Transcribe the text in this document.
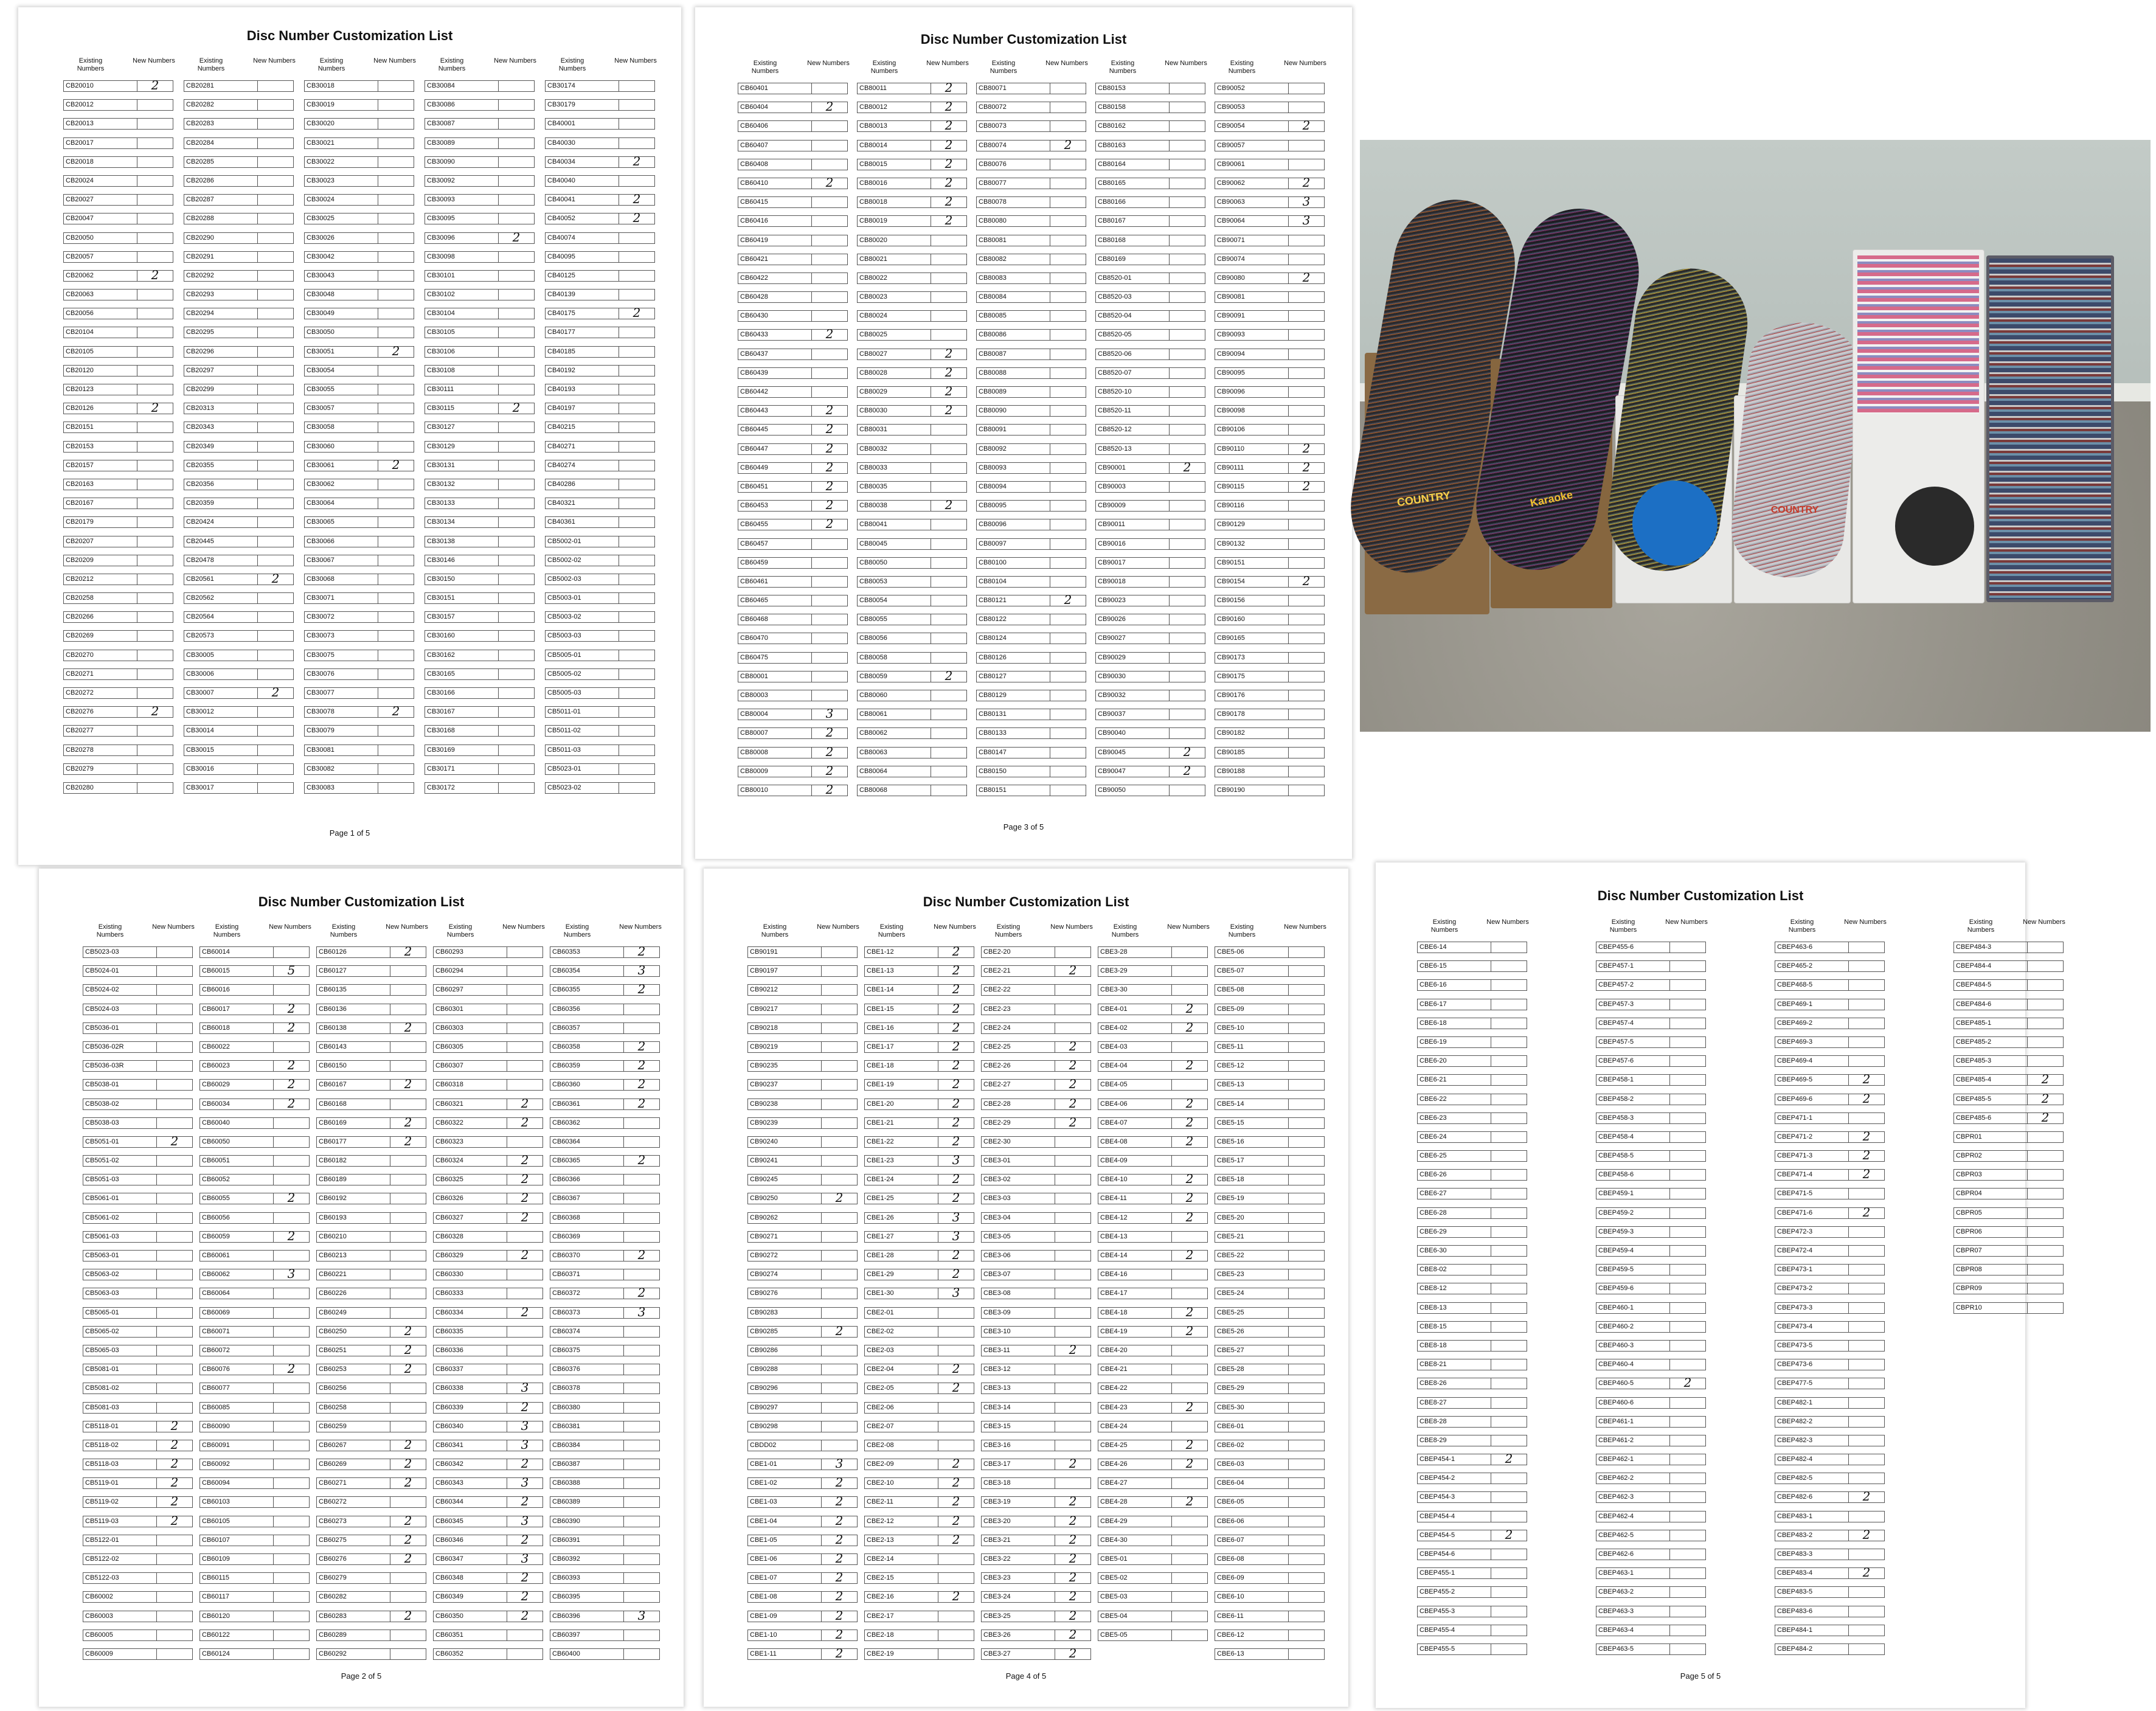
Disc Number Customization List
Existing Numbers
New Numbers
CB20010	2
CB20012
CB20013
CB20017
CB20018
CB20024
CB20027
CB20047
CB20050
CB20057
CB20062	2
CB20063
CB20056
CB20104
CB20105
CB20120
CB20123
CB20126	2
CB20151
CB20153
CB20157
CB20163
CB20167
CB20179
CB20207
CB20209
CB20212
CB20258
CB20266
CB20269
CB20270
CB20271
CB20272
CB20276	2
CB20277
CB20278
CB20279
CB20280
Existing Numbers
New Numbers
CB20281
CB20282
CB20283
CB20284
CB20285
CB20286
CB20287
CB20288
CB20290
CB20291
CB20292
CB20293
CB20294
CB20295
CB20296
CB20297
CB20299
CB20313
CB20343
CB20349
CB20355
CB20356
CB20359
CB20424
CB20445
CB20478
CB20561	2
CB20562
CB20564
CB20573
CB30005
CB30006
CB30007	2
CB30012
CB30014
CB30015
CB30016
CB30017
Existing Numbers
New Numbers
CB30018
CB30019
CB30020
CB30021
CB30022
CB30023
CB30024
CB30025
CB30026
CB30042
CB30043
CB30048
CB30049
CB30050
CB30051	2
CB30054
CB30055
CB30057
CB30058
CB30060
CB30061	2
CB30062
CB30064
CB30065
CB30066
CB30067
CB30068
CB30071
CB30072
CB30073
CB30075
CB30076
CB30077
CB30078	2
CB30079
CB30081
CB30082
CB30083
Existing Numbers
New Numbers
CB30084
CB30086
CB30087
CB30089
CB30090
CB30092
CB30093
CB30095
CB30096	2
CB30098
CB30101
CB30102
CB30104
CB30105
CB30106
CB30108
CB30111
CB30115	2
CB30127
CB30129
CB30131
CB30132
CB30133
CB30134
CB30138
CB30146
CB30150
CB30151
CB30157
CB30160
CB30162
CB30165
CB30166
CB30167
CB30168
CB30169
CB30171
CB30172
Existing Numbers
New Numbers
CB30174
CB30179
CB40001
CB40030
CB40034	2
CB40040
CB40041	2
CB40052	2
CB40074
CB40095
CB40125
CB40139
CB40175	2
CB40177
CB40185
CB40192
CB40193
CB40197
CB40215
CB40271
CB40274
CB40286
CB40321
CB40361
CB5002-01
CB5002-02
CB5002-03
CB5003-01
CB5003-02
CB5003-03
CB5005-01
CB5005-02
CB5005-03
CB5011-01
CB5011-02
CB5011-03
CB5023-01
CB5023-02
Page 1 of 5
Disc Number Customization List
Existing Numbers
New Numbers
CB60401
CB60404	2
CB60406
CB60407
CB60408
CB60410	2
CB60415
CB60416
CB60419
CB60421
CB60422
CB60428
CB60430
CB60433	2
CB60437
CB60439
CB60442
CB60443	2
CB60445	2
CB60447	2
CB60449	2
CB60451	2
CB60453	2
CB60455	2
CB60457
CB60459
CB60461
CB60465
CB60468
CB60470
CB60475
CB80001
CB80003
CB80004	3
CB80007	2
CB80008	2
CB80009	2
CB80010	2
Existing Numbers
New Numbers
CB80011	2
CB80012	2
CB80013	2
CB80014	2
CB80015	2
CB80016	2
CB80018	2
CB80019	2
CB80020
CB80021
CB80022
CB80023
CB80024
CB80025
CB80027	2
CB80028	2
CB80029	2
CB80030	2
CB80031
CB80032
CB80033
CB80035
CB80038	2
CB80041
CB80045
CB80050
CB80053
CB80054
CB80055
CB80056
CB80058
CB80059	2
CB80060
CB80061
CB80062
CB80063
CB80064
CB80068
Existing Numbers
New Numbers
CB80071
CB80072
CB80073
CB80074	2
CB80076
CB80077
CB80078
CB80080
CB80081
CB80082
CB80083
CB80084
CB80085
CB80086
CB80087
CB80088
CB80089
CB80090
CB80091
CB80092
CB80093
CB80094
CB80095
CB80096
CB80097
CB80100
CB80104
CB80121	2
CB80122
CB80124
CB80126
CB80127
CB80129
CB80131
CB80133
CB80147
CB80150
CB80151
Existing Numbers
New Numbers
CB80153
CB80158
CB80162
CB80163
CB80164
CB80165
CB80166
CB80167
CB80168
CB80169
CB8520-01
CB8520-03
CB8520-04
CB8520-05
CB8520-06
CB8520-07
CB8520-10
CB8520-11
CB8520-12
CB8520-13
CB90001	2
CB90003
CB90009
CB90011
CB90016
CB90017
CB90018
CB90023
CB90026
CB90027
CB90029
CB90030
CB90032
CB90037
CB90040
CB90045	2
CB90047	2
CB90050
Existing Numbers
New Numbers
CB90052
CB90053
CB90054	2
CB90057
CB90061
CB90062	2
CB90063	3
CB90064	3
CB90071
CB90074
CB90080	2
CB90081
CB90091
CB90093
CB90094
CB90095
CB90096
CB90098
CB90106
CB90110	2
CB90111	2
CB90115	2
CB90116
CB90129
CB90132
CB90151
CB90154	2
CB90156
CB90160
CB90165
CB90173
CB90175
CB90176
CB90178
CB90182
CB90185
CB90188
CB90190
Page 3 of 5
Disc Number Customization List
Existing Numbers
New Numbers
CB5023-03
CB5024-01
CB5024-02
CB5024-03
CB5036-01
CB5036-02R
CB5036-03R
CB5038-01
CB5038-02
CB5038-03
CB5051-01	2
CB5051-02
CB5051-03
CB5061-01
CB5061-02
CB5061-03
CB5063-01
CB5063-02
CB5063-03
CB5065-01
CB5065-02
CB5065-03
CB5081-01
CB5081-02
CB5081-03
CB5118-01	2
CB5118-02	2
CB5118-03	2
CB5119-01	2
CB5119-02	2
CB5119-03	2
CB5122-01
CB5122-02
CB5122-03
CB60002
CB60003
CB60005
CB60009
Existing Numbers
New Numbers
CB60014
CB60015	5
CB60016
CB60017	2
CB60018	2
CB60022
CB60023	2
CB60029	2
CB60034	2
CB60040
CB60050
CB60051
CB60052
CB60055	2
CB60056
CB60059	2
CB60061
CB60062	3
CB60064
CB60069
CB60071
CB60072
CB60076	2
CB60077
CB60085
CB60090
CB60091
CB60092
CB60094
CB60103
CB60105
CB60107
CB60109
CB60115
CB60117
CB60120
CB60122
CB60124
Existing Numbers
New Numbers
CB60126	2
CB60127
CB60135
CB60136
CB60138	2
CB60143
CB60150
CB60167	2
CB60168
CB60169	2
CB60177	2
CB60182
CB60189
CB60192
CB60193
CB60210
CB60213
CB60221
CB60226
CB60249
CB60250	2
CB60251	2
CB60253	2
CB60256
CB60258
CB60259
CB60267	2
CB60269	2
CB60271	2
CB60272
CB60273	2
CB60275	2
CB60276	2
CB60279
CB60282
CB60283	2
CB60289
CB60292
Existing Numbers
New Numbers
CB60293
CB60294
CB60297
CB60301
CB60303
CB60305
CB60307
CB60318
CB60321	2
CB60322	2
CB60323
CB60324	2
CB60325	2
CB60326	2
CB60327	2
CB60328
CB60329	2
CB60330
CB60333
CB60334	2
CB60335
CB60336
CB60337
CB60338	3
CB60339	2
CB60340	3
CB60341	3
CB60342	2
CB60343	3
CB60344	2
CB60345	3
CB60346	2
CB60347	3
CB60348	2
CB60349	2
CB60350	2
CB60351
CB60352
Existing Numbers
New Numbers
CB60353	2
CB60354	3
CB60355	2
CB60356
CB60357
CB60358	2
CB60359	2
CB60360	2
CB60361	2
CB60362
CB60364
CB60365	2
CB60366
CB60367
CB60368
CB60369
CB60370	2
CB60371
CB60372	2
CB60373	3
CB60374
CB60375
CB60376
CB60378
CB60380
CB60381
CB60384
CB60387
CB60388
CB60389
CB60390
CB60391
CB60392
CB60393
CB60395
CB60396	3
CB60397
CB60400
Page 2 of 5
Disc Number Customization List
Existing Numbers
New Numbers
CB90191
CB90197
CB90212
CB90217
CB90218
CB90219
CB90235
CB90237
CB90238
CB90239
CB90240
CB90241
CB90245
CB90250	2
CB90262
CB90271
CB90272
CB90274
CB90276
CB90283
CB90285	2
CB90286
CB90288
CB90296
CB90297
CB90298
CBDD02
CBE1-01	3
CBE1-02	2
CBE1-03	2
CBE1-04	2
CBE1-05	2
CBE1-06	2
CBE1-07	2
CBE1-08	2
CBE1-09	2
CBE1-10	2
CBE1-11	2
Existing Numbers
New Numbers
CBE1-12	2
CBE1-13	2
CBE1-14	2
CBE1-15	2
CBE1-16	2
CBE1-17	2
CBE1-18	2
CBE1-19	2
CBE1-20	2
CBE1-21	2
CBE1-22	2
CBE1-23	3
CBE1-24	2
CBE1-25	2
CBE1-26	3
CBE1-27	3
CBE1-28	2
CBE1-29	2
CBE1-30	3
CBE2-01
CBE2-02
CBE2-03
CBE2-04	2
CBE2-05	2
CBE2-06
CBE2-07
CBE2-08
CBE2-09	2
CBE2-10	2
CBE2-11	2
CBE2-12	2
CBE2-13	2
CBE2-14
CBE2-15
CBE2-16	2
CBE2-17
CBE2-18
CBE2-19
Existing Numbers
New Numbers
CBE2-20
CBE2-21	2
CBE2-22
CBE2-23
CBE2-24
CBE2-25	2
CBE2-26	2
CBE2-27	2
CBE2-28	2
CBE2-29	2
CBE2-30
CBE3-01
CBE3-02
CBE3-03
CBE3-04
CBE3-05
CBE3-06
CBE3-07
CBE3-08
CBE3-09
CBE3-10
CBE3-11	2
CBE3-12
CBE3-13
CBE3-14
CBE3-15
CBE3-16
CBE3-17	2
CBE3-18
CBE3-19	2
CBE3-20	2
CBE3-21	2
CBE3-22	2
CBE3-23	2
CBE3-24	2
CBE3-25	2
CBE3-26	2
CBE3-27	2
Existing Numbers
New Numbers
CBE3-28
CBE3-29
CBE3-30
CBE4-01	2
CBE4-02	2
CBE4-03
CBE4-04	2
CBE4-05
CBE4-06	2
CBE4-07	2
CBE4-08	2
CBE4-09
CBE4-10	2
CBE4-11	2
CBE4-12	2
CBE4-13
CBE4-14	2
CBE4-16
CBE4-17
CBE4-18	2
CBE4-19	2
CBE4-20
CBE4-21
CBE4-22
CBE4-23	2
CBE4-24
CBE4-25	2
CBE4-26	2
CBE4-27
CBE4-28	2
CBE4-29
CBE4-30
CBE5-01
CBE5-02
CBE5-03
CBE5-04
CBE5-05
Existing Numbers
New Numbers
CBE5-06
CBE5-07
CBE5-08
CBE5-09
CBE5-10
CBE5-11
CBE5-12
CBE5-13
CBE5-14
CBE5-15
CBE5-16
CBE5-17
CBE5-18
CBE5-19
CBE5-20
CBE5-21
CBE5-22
CBE5-23
CBE5-24
CBE5-25
CBE5-26
CBE5-27
CBE5-28
CBE5-29
CBE5-30
CBE6-01
CBE6-02
CBE6-03
CBE6-04
CBE6-05
CBE6-06
CBE6-07
CBE6-08
CBE6-09
CBE6-10
CBE6-11
CBE6-12
CBE6-13
Page 4 of 5
Disc Number Customization List
Existing Numbers
New Numbers
CBE6-14
CBE6-15
CBE6-16
CBE6-17
CBE6-18
CBE6-19
CBE6-20
CBE6-21
CBE6-22
CBE6-23
CBE6-24
CBE6-25
CBE6-26
CBE6-27
CBE6-28
CBE6-29
CBE6-30
CBE8-02
CBE8-12
CBE8-13
CBE8-15
CBE8-18
CBE8-21
CBE8-26
CBE8-27
CBE8-28
CBE8-29
CBEP454-1	2
CBEP454-2
CBEP454-3
CBEP454-4
CBEP454-5	2
CBEP454-6
CBEP455-1
CBEP455-2
CBEP455-3
CBEP455-4
CBEP455-5
Existing Numbers
New Numbers
CBEP455-6
CBEP457-1
CBEP457-2
CBEP457-3
CBEP457-4
CBEP457-5
CBEP457-6
CBEP458-1
CBEP458-2
CBEP458-3
CBEP458-4
CBEP458-5
CBEP458-6
CBEP459-1
CBEP459-2
CBEP459-3
CBEP459-4
CBEP459-5
CBEP459-6
CBEP460-1
CBEP460-2
CBEP460-3
CBEP460-4
CBEP460-5	2
CBEP460-6
CBEP461-1
CBEP461-2
CBEP462-1
CBEP462-2
CBEP462-3
CBEP462-4
CBEP462-5
CBEP462-6
CBEP463-1
CBEP463-2
CBEP463-3
CBEP463-4
CBEP463-5
Existing Numbers
New Numbers
CBEP463-6
CBEP465-2
CBEP468-5
CBEP469-1
CBEP469-2
CBEP469-3
CBEP469-4
CBEP469-5	2
CBEP469-6	2
CBEP471-1
CBEP471-2	2
CBEP471-3	2
CBEP471-4	2
CBEP471-5
CBEP471-6	2
CBEP472-3
CBEP472-4
CBEP473-1
CBEP473-2
CBEP473-3
CBEP473-4
CBEP473-5
CBEP473-6
CBEP477-5
CBEP482-1
CBEP482-2
CBEP482-3
CBEP482-4
CBEP482-5
CBEP482-6	2
CBEP483-1
CBEP483-2	2
CBEP483-3
CBEP483-4	2
CBEP483-5
CBEP483-6
CBEP484-1
CBEP484-2
Existing Numbers
New Numbers
CBEP484-3
CBEP484-4
CBEP484-5
CBEP484-6
CBEP485-1
CBEP485-2
CBEP485-3
CBEP485-4	2
CBEP485-5	2
CBEP485-6	2
CBPR01
CBPR02
CBPR03
CBPR04
CBPR05
CBPR06
CBPR07
CBPR08
CBPR09
CBPR10
Page 5 of 5
COUNTRY	Karaoke
COUNTRY
